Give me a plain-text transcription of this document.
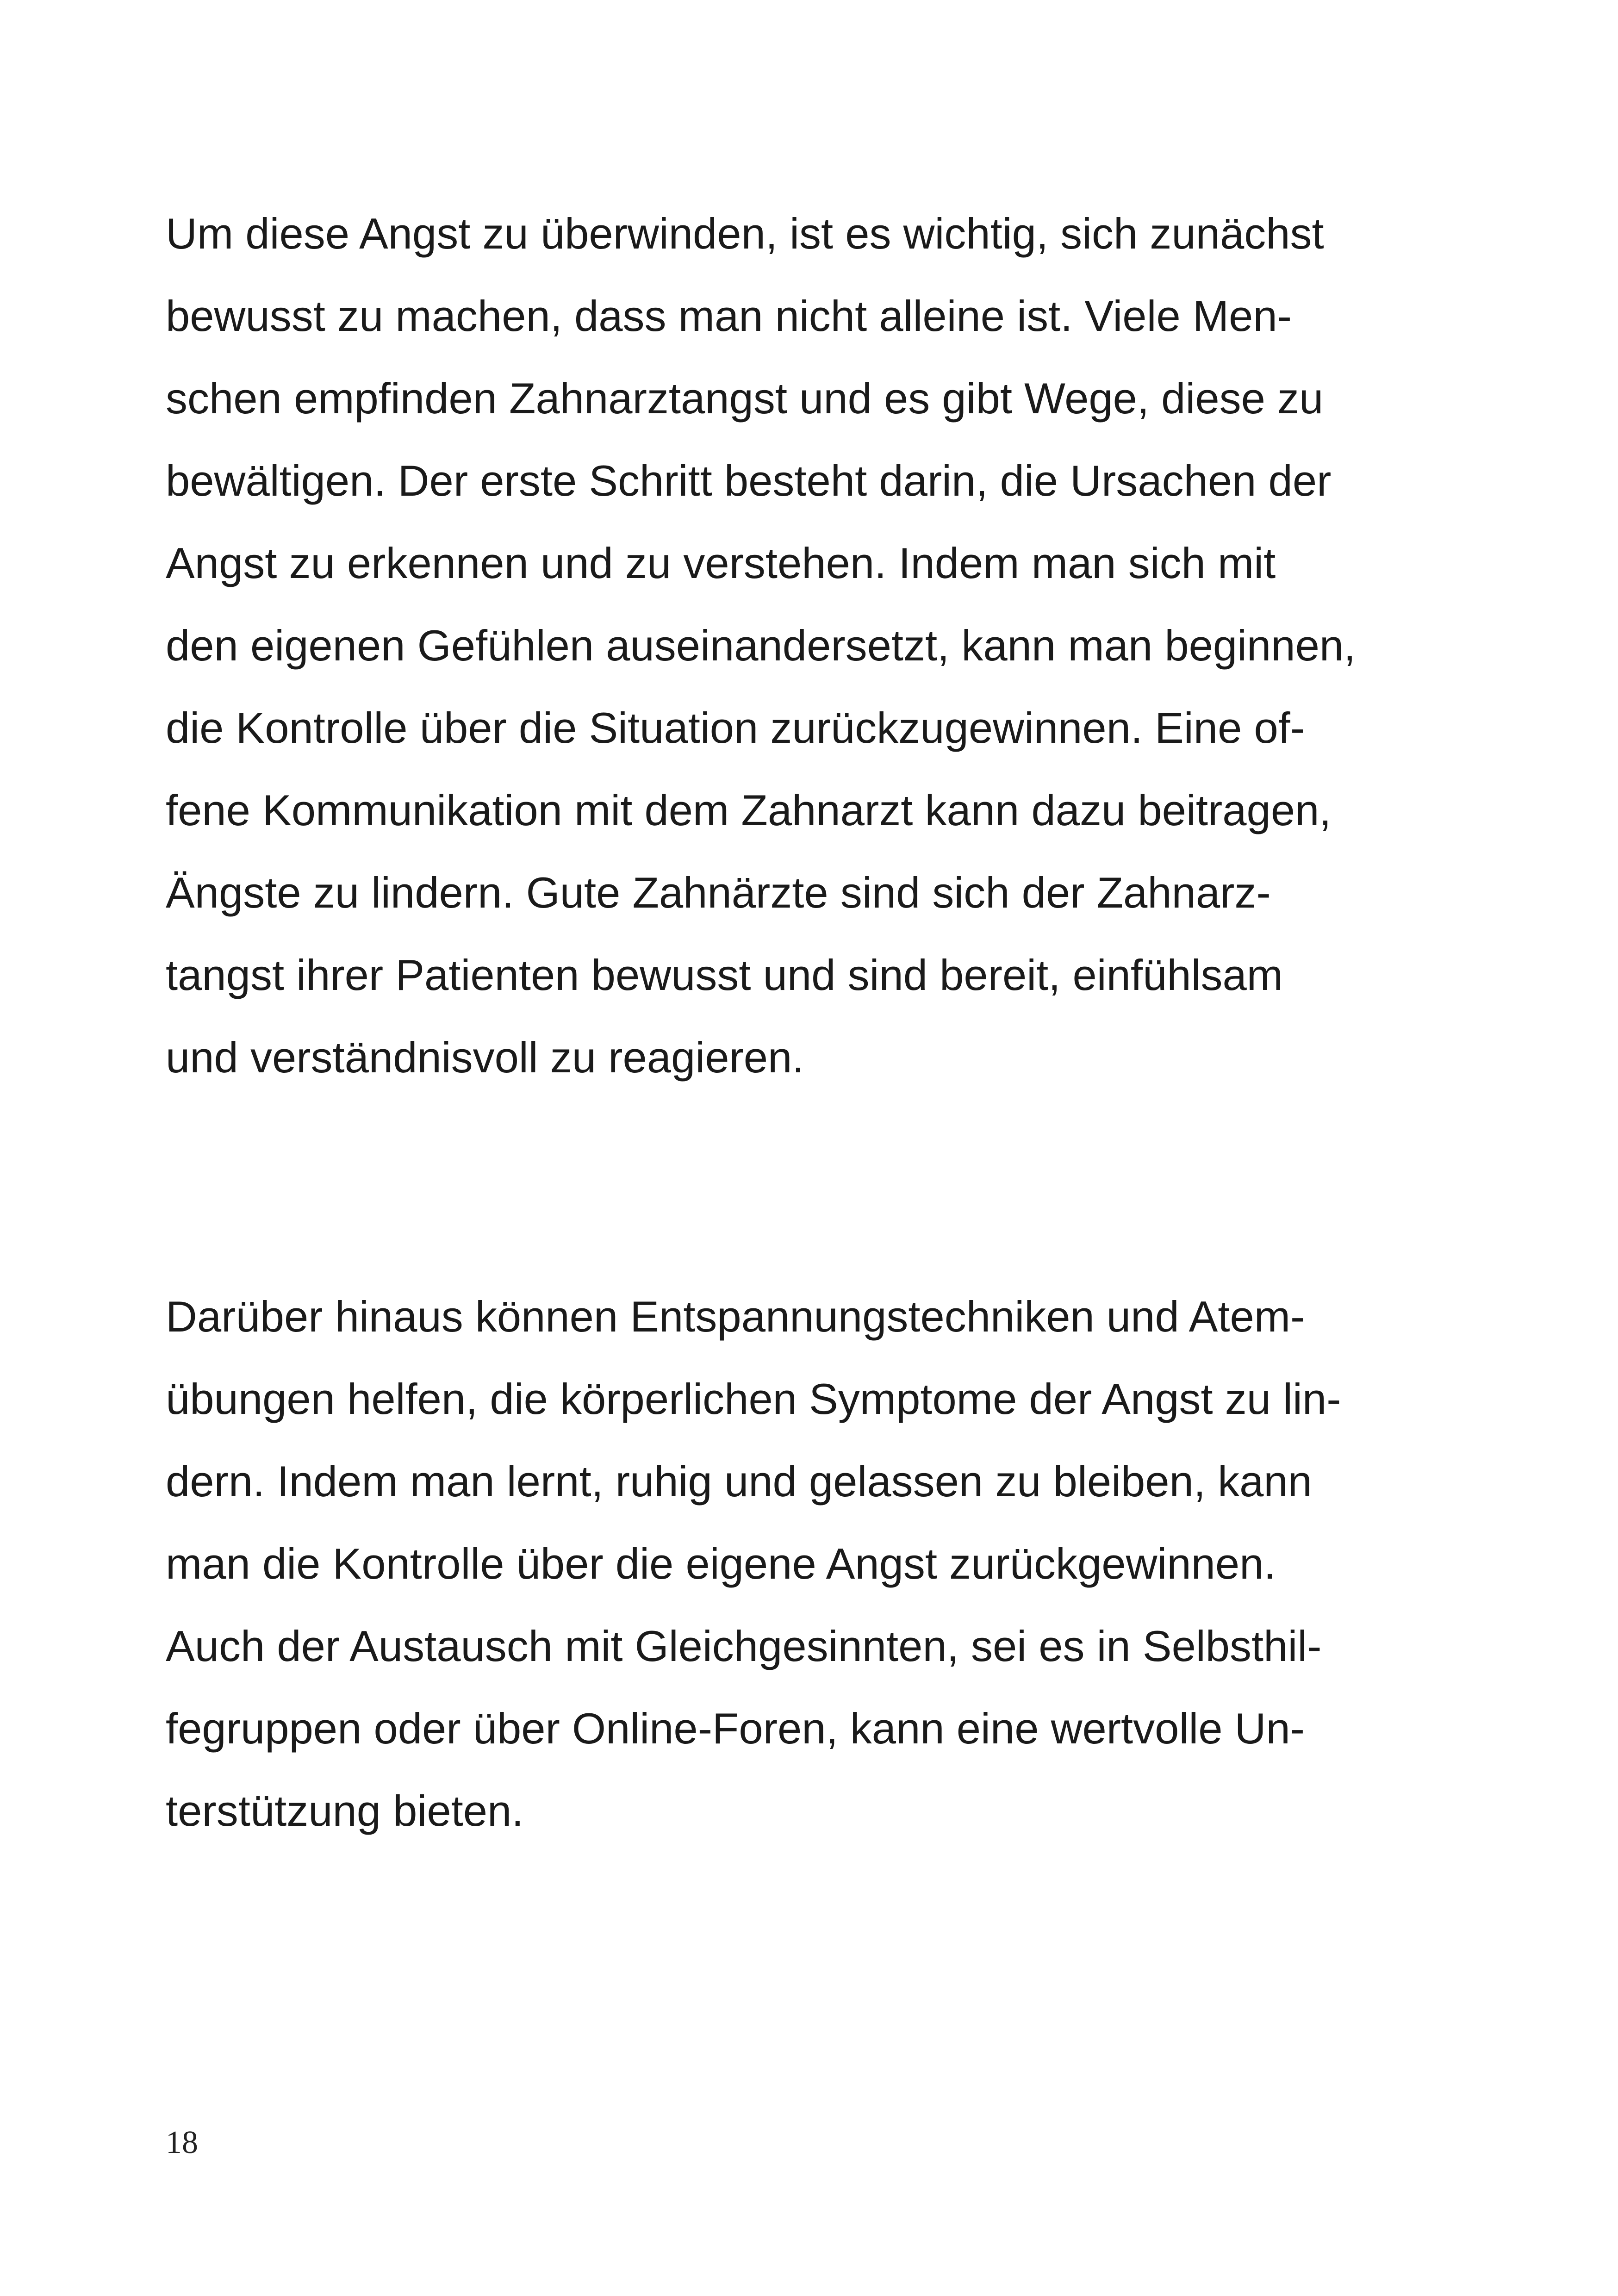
Um diese Angst zu überwinden, ist es wichtig, sich zunächst
bewusst zu machen, dass man nicht alleine ist. Viele Men-
schen empfinden Zahnarztangst und es gibt Wege, diese zu
bewältigen. Der erste Schritt besteht darin, die Ursachen der
Angst zu erkennen und zu verstehen. Indem man sich mit
den eigenen Gefühlen auseinandersetzt, kann man beginnen,
die Kontrolle über die Situation zurückzugewinnen. Eine of-
fene Kommunikation mit dem Zahnarzt kann dazu beitragen,
Ängste zu lindern. Gute Zahnärzte sind sich der Zahnarz-
tangst ihrer Patienten bewusst und sind bereit, einfühlsam
und verständnisvoll zu reagieren.
Darüber hinaus können Entspannungstechniken und Atem-
übungen helfen, die körperlichen Symptome der Angst zu lin-
dern. Indem man lernt, ruhig und gelassen zu bleiben, kann
man die Kontrolle über die eigene Angst zurückgewinnen.
Auch der Austausch mit Gleichgesinnten, sei es in Selbsthil-
fegruppen oder über Online-Foren, kann eine wertvolle Un-
terstützung bieten.
18
